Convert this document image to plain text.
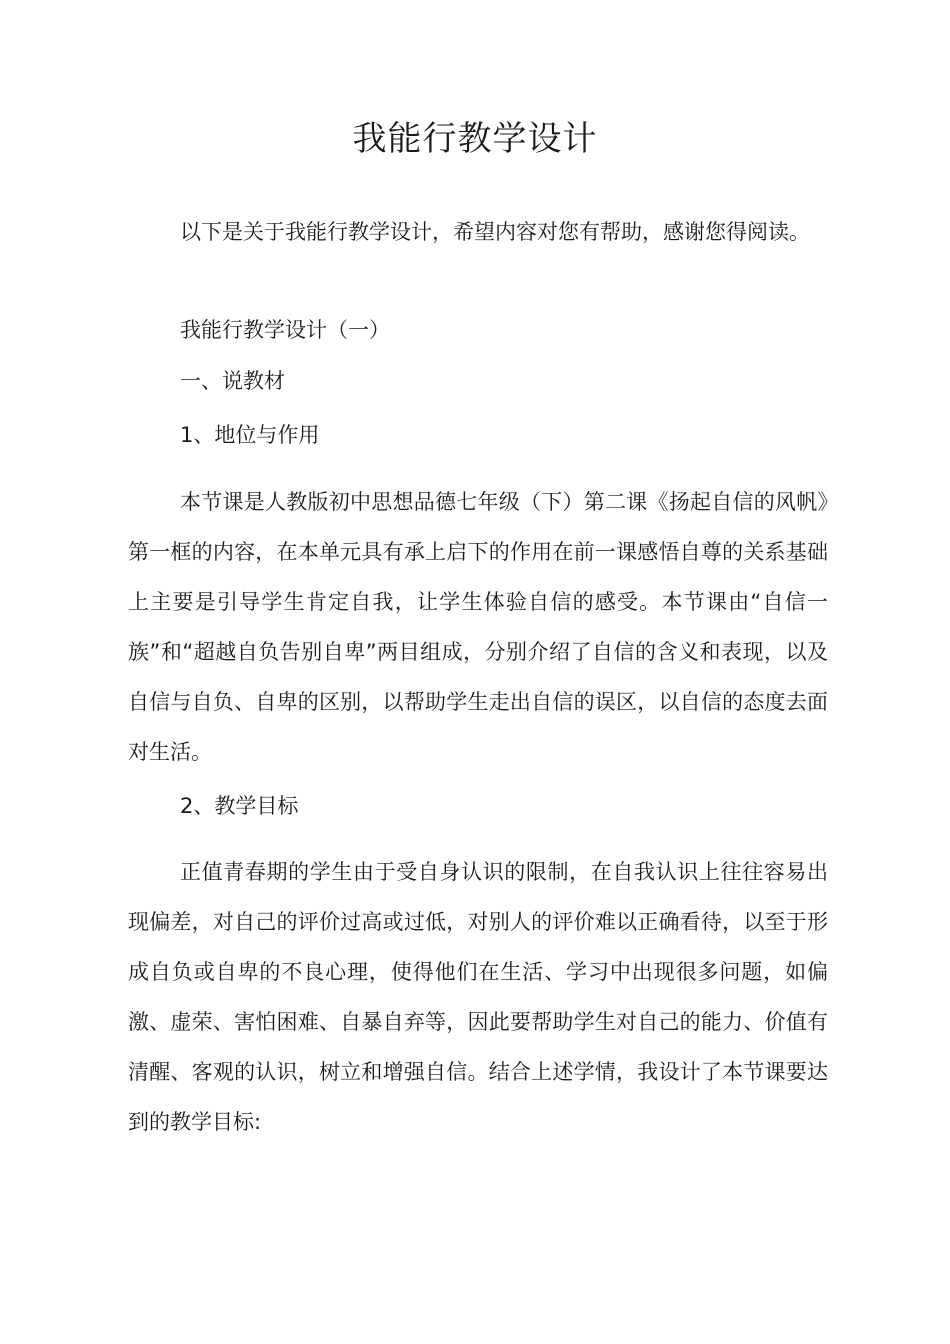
我能行教学设计

以下是关于我能行教学设计，希望内容对您有帮助，感谢您得阅读。

我能行教学设计（一）

一、说教材

1、地位与作用

本节课是人教版初中思想品德七年级（下）第二课《扬起自信的风帆》第一框的内容，在本单元具有承上启下的作用在前一课感悟自尊的关系基础上主要是引导学生肯定自我，让学生体验自信的感受。本节课由“自信一族”和“超越自负告别自卑”两目组成，分别介绍了自信的含义和表现，以及自信与自负、自卑的区别，以帮助学生走出自信的误区，以自信的态度去面对生活。

2、教学目标

正值青春期的学生由于受自身认识的限制，在自我认识上往往容易出现偏差，对自己的评价过高或过低，对别人的评价难以正确看待，以至于形成自负或自卑的不良心理，使得他们在生活、学习中出现很多问题，如偏激、虚荣、害怕困难、自暴自弃等，因此要帮助学生对自己的能力、价值有清醒、客观的认识，树立和增强自信。结合上述学情，我设计了本节课要达到的教学目标:
